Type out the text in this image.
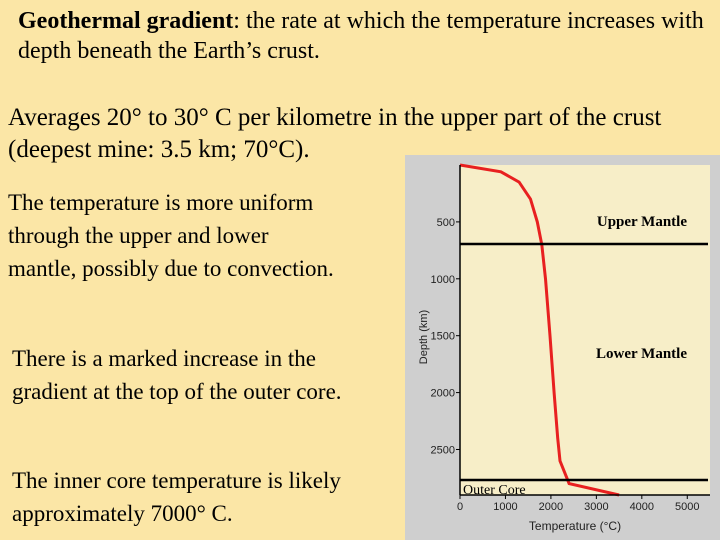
Geothermal gradient: the rate at which the temperature increases with depth beneath the Earth’s crust.

Averages 20° to 30° C per kilometre in the upper part of the crust (deepest mine: 3.5 km; 70°C).

The temperature is more uniform through the upper and lower mantle, possibly due to convection.

There is a marked increase in the gradient at the top of the outer core.

The inner core temperature is likely approximately 7000° C.

500
1000
1500
2000
2500
0	1000 2000 3000 4000 5000
Upper Mantle
Lower Mantle
Outer Core
Depth (km)
Temperature (°C)
